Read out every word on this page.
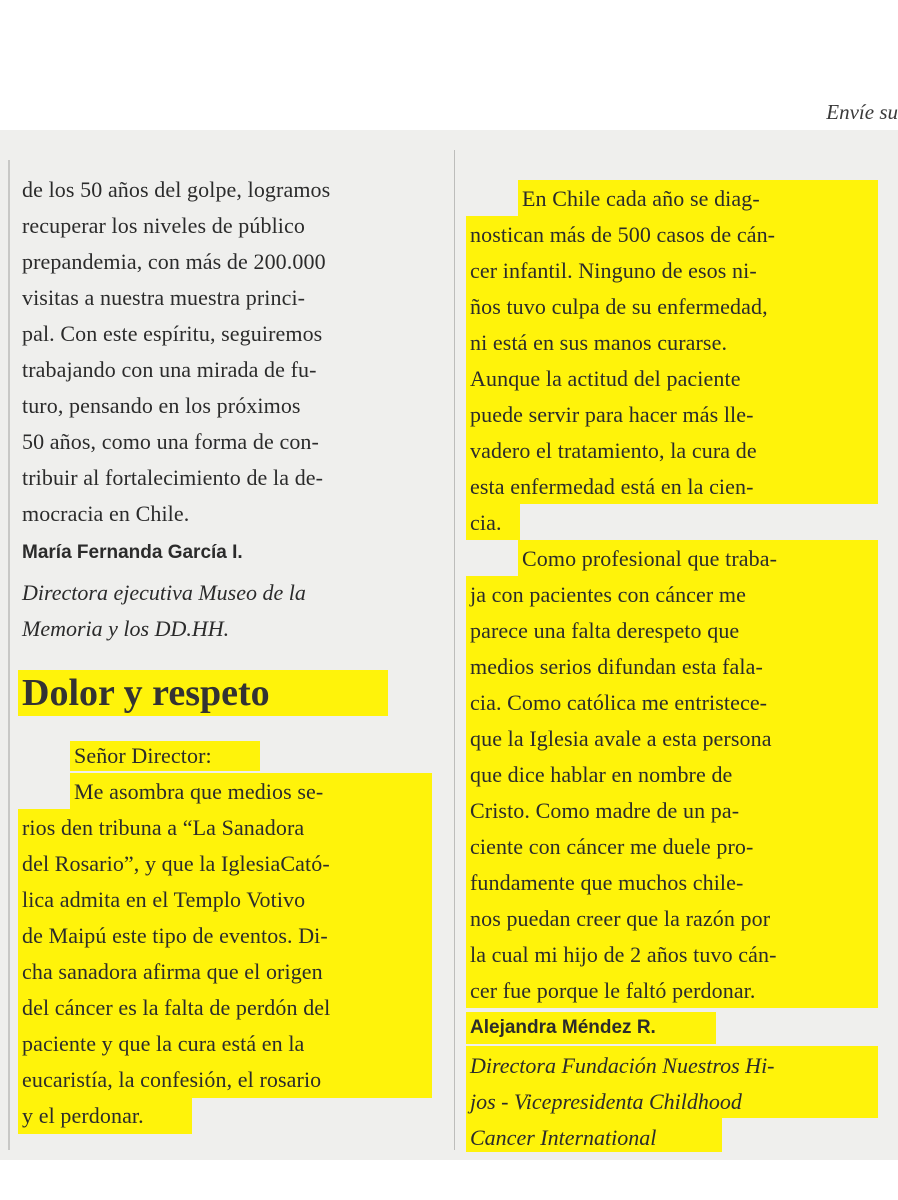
Envíe su
de los 50 años del golpe, logramos
recuperar los niveles de público
prepandemia, con más de 200.000
visitas a nuestra muestra princi-
pal. Con este espíritu, seguiremos
trabajando con una mirada de fu-
turo, pensando en los próximos
50 años, como una forma de con-
tribuir al fortalecimiento de la de-
mocracia en Chile.
María Fernanda García I.
Directora ejecutiva Museo de la
Memoria y los DD.HH.
Dolor y respeto
Señor Director:
Me asombra que medios se-
rios den tribuna a “La Sanadora
del Rosario”, y que la IglesiaCató-
lica admita en el Templo Votivo
de Maipú este tipo de eventos. Di-
cha sanadora afirma que el origen
del cáncer es la falta de perdón del
paciente y que la cura está en la
eucaristía, la confesión, el rosario
y el perdonar.
En Chile cada año se diag-
nostican más de 500 casos de cán-
cer infantil. Ninguno de esos ni-
ños tuvo culpa de su enfermedad,
ni está en sus manos curarse.
Aunque la actitud del paciente
puede servir para hacer más lle-
vadero el tratamiento, la cura de
esta enfermedad está en la cien-
cia.
Como profesional que traba-
ja con pacientes con cáncer me
parece una falta derespeto que
medios serios difundan esta fala-
cia. Como católica me entristece-
que la Iglesia avale a esta persona
que dice hablar en nombre de
Cristo. Como madre de un pa-
ciente con cáncer me duele pro-
fundamente que muchos chile-
nos puedan creer que la razón por
la cual mi hijo de 2 años tuvo cán-
cer fue porque le faltó perdonar.
Alejandra Méndez R.
Directora Fundación Nuestros Hi-
jos - Vicepresidenta Childhood
Cancer International
